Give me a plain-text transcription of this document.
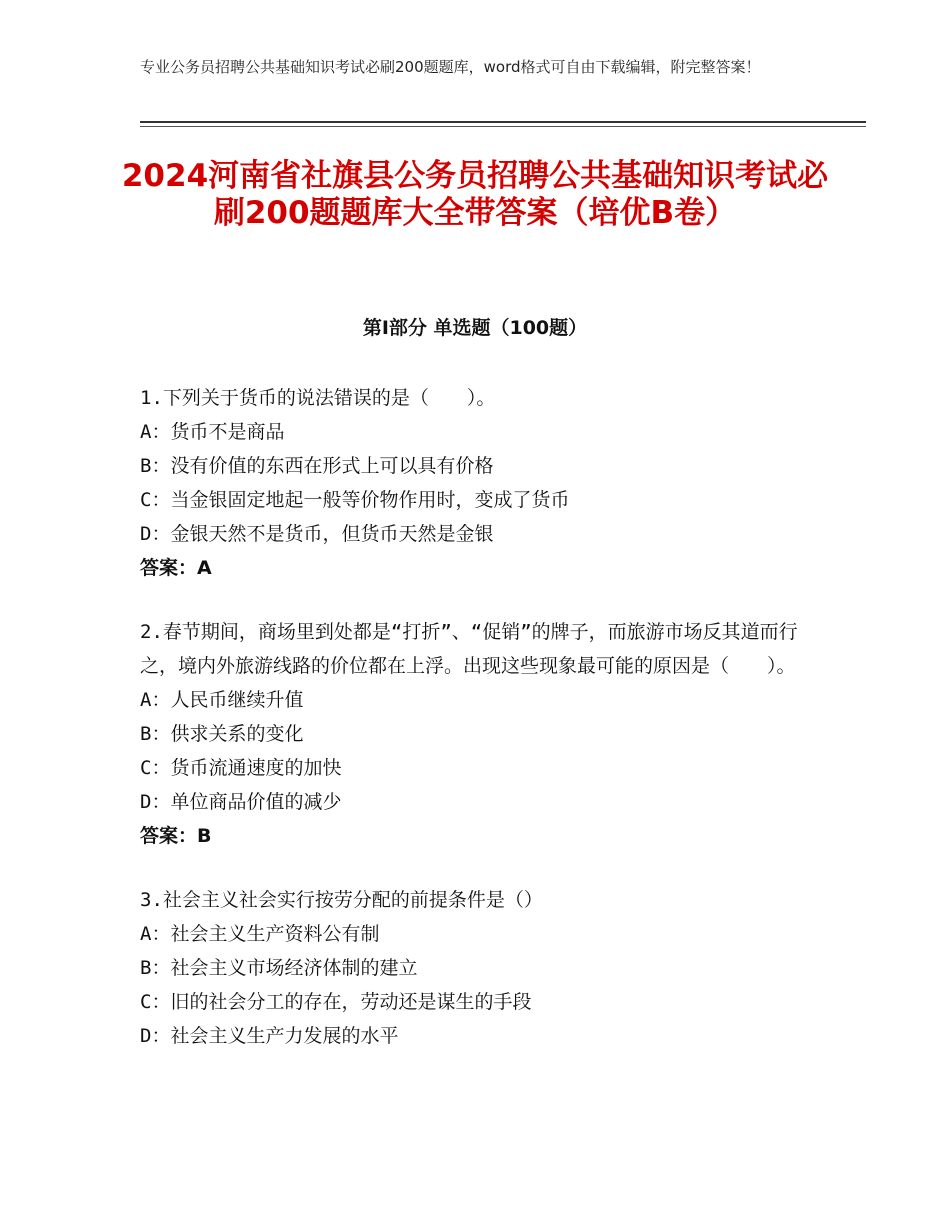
专业公务员招聘公共基础知识考试必刷200题题库，word格式可自由下载编辑，附完整答案！
2024河南省社旗县公务员招聘公共基础知识考试必刷200题题库大全带答案（培优B卷）
第Ⅰ部分 单选题（100题）
1.下列关于货币的说法错误的是（　　）。
A：货币不是商品
B：没有价值的东西在形式上可以具有价格
C：当金银固定地起一般等价物作用时，变成了货币
D：金银天然不是货币，但货币天然是金银
答案：A
2.春节期间，商场里到处都是“打折”、“促销”的牌子，而旅游市场反其道而行之，境内外旅游线路的价位都在上浮。出现这些现象最可能的原因是（　　）。
A：人民币继续升值
B：供求关系的变化
C：货币流通速度的加快
D：单位商品价值的减少
答案：B
3.社会主义社会实行按劳分配的前提条件是（）
A：社会主义生产资料公有制
B：社会主义市场经济体制的建立
C：旧的社会分工的存在，劳动还是谋生的手段
D：社会主义生产力发展的水平
